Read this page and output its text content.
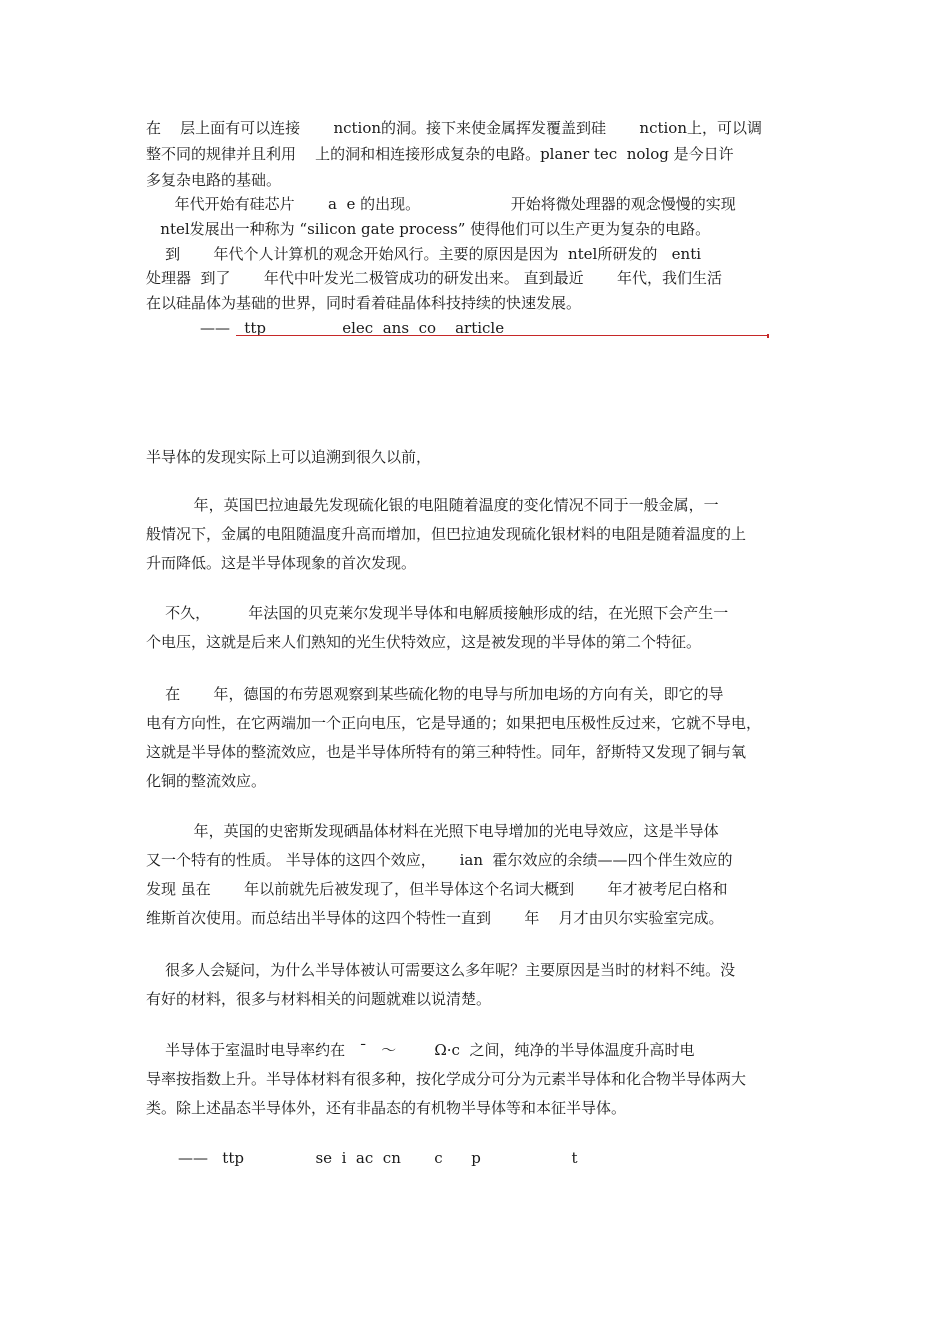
在    层上面有可以连接       nction的洞。接下来使金属挥发覆盖到硅       nction上，可以调
整不同的规律并且利用    上的洞和相连接形成复杂的电路。planer tec  nolog 是今日许
多复杂电路的基础。
年代开始有硅芯片       a  e 的出现。                   开始将微处理器的观念慢慢的实现
ntel发展出一种称为 “silicon gate process” 使得他们可以生产更为复杂的电路。
到       年代个人计算机的观念开始风行。主要的原因是因为  ntel所研发的   enti
处理器  到了       年代中叶发光二极管成功的研发出来。 直到最近       年代，我们生活
在以硅晶体为基础的世界，同时看着硅晶体科技持续的快速发展。
——   ttp                elec  ans  co    article
半导体的发现实际上可以追溯到很久以前，
年，英国巴拉迪最先发现硫化银的电阻随着温度的变化情况不同于一般金属，一
般情况下，金属的电阻随温度升高而增加，但巴拉迪发现硫化银材料的电阻是随着温度的上
升而降低。这是半导体现象的首次发现。
不久，        年法国的贝克莱尔发现半导体和电解质接触形成的结，在光照下会产生一
个电压，这就是后来人们熟知的光生伏特效应，这是被发现的半导体的第二个特征。
在       年，德国的布劳恩观察到某些硫化物的电导与所加电场的方向有关，即它的导
电有方向性，在它两端加一个正向电压，它是导通的；如果把电压极性反过来，它就不导电，
这就是半导体的整流效应，也是半导体所特有的第三种特性。同年，舒斯特又发现了铜与氧
化铜的整流效应。
年，英国的史密斯发现硒晶体材料在光照下电导增加的光电导效应，这是半导体
又一个特有的性质。 半导体的这四个效应，     ian  霍尔效应的余绩——四个伴生效应的
发现 虽在       年以前就先后被发现了，但半导体这个名词大概到       年才被考尼白格和
维斯首次使用。而总结出半导体的这四个特性一直到       年    月才由贝尔实验室完成。
很多人会疑问，为什么半导体被认可需要这么多年呢？主要原因是当时的材料不纯。没
有好的材料，很多与材料相关的问题就难以说清楚。
半导体于室温时电导率约在   ¯   ～        Ω·c  之间，纯净的半导体温度升高时电
导率按指数上升。半导体材料有很多种，按化学成分可分为元素半导体和化合物半导体两大
类。除上述晶态半导体外，还有非晶态的有机物半导体等和本征半导体。
——   ttp               se  i  ac  cn       c      p                   t
